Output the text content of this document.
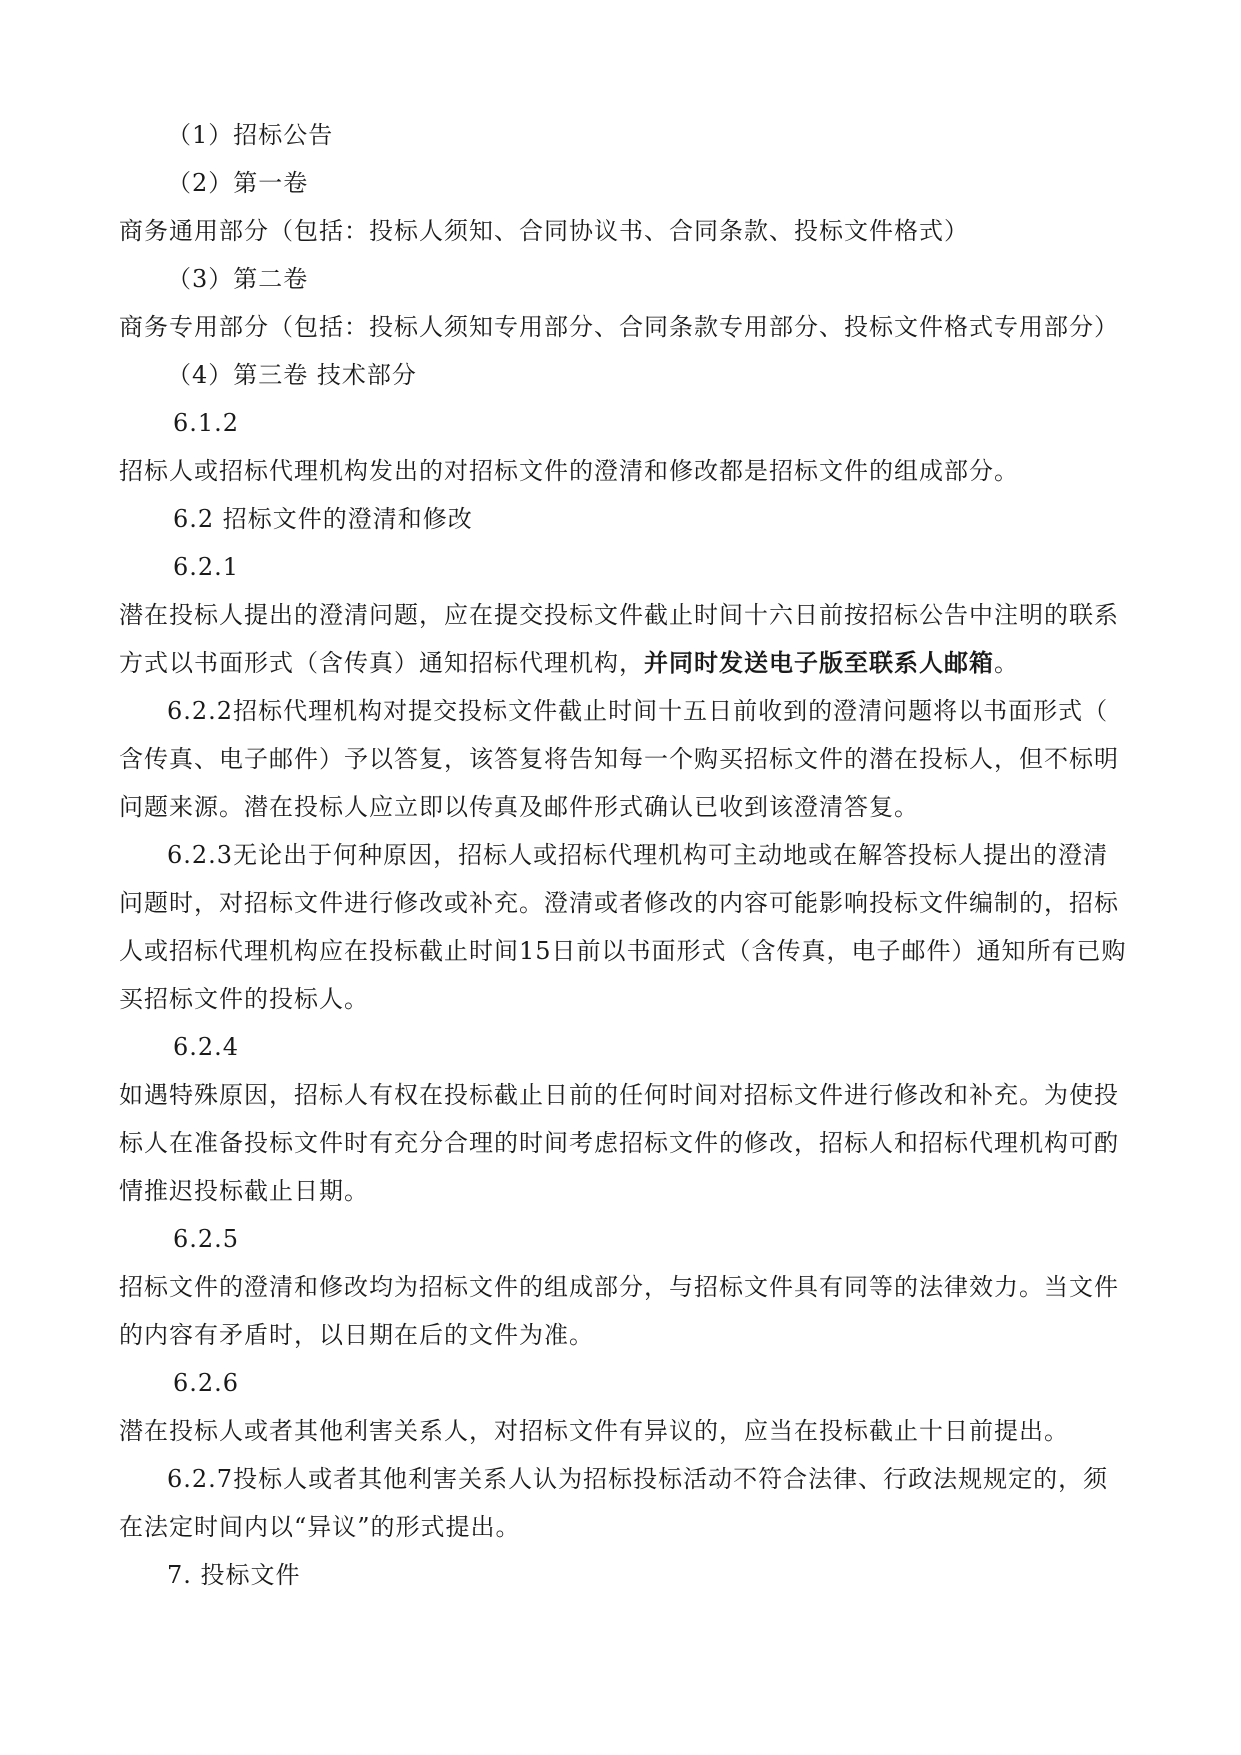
（1）招标公告
（2）第一卷
商务通用部分（包括：投标人须知、合同协议书、合同条款、投标文件格式）
（3）第二卷
商务专用部分（包括：投标人须知专用部分、合同条款专用部分、投标文件格式专用部分）
（4）第三卷 技术部分
6.1.2
招标人或招标代理机构发出的对招标文件的澄清和修改都是招标文件的组成部分。
6.2 招标文件的澄清和修改
6.2.1
潜在投标人提出的澄清问题，应在提交投标文件截止时间十六日前按招标公告中注明的联系
方式以书面形式（含传真）通知招标代理机构，并同时发送电子版至联系人邮箱。
6.2.2招标代理机构对提交投标文件截止时间十五日前收到的澄清问题将以书面形式（
含传真、电子邮件）予以答复，该答复将告知每一个购买招标文件的潜在投标人，但不标明
问题来源。潜在投标人应立即以传真及邮件形式确认已收到该澄清答复。
6.2.3无论出于何种原因，招标人或招标代理机构可主动地或在解答投标人提出的澄清
问题时，对招标文件进行修改或补充。澄清或者修改的内容可能影响投标文件编制的，招标
人或招标代理机构应在投标截止时间15日前以书面形式（含传真，电子邮件）通知所有已购
买招标文件的投标人。
6.2.4
如遇特殊原因，招标人有权在投标截止日前的任何时间对招标文件进行修改和补充。为使投
标人在准备投标文件时有充分合理的时间考虑招标文件的修改，招标人和招标代理机构可酌
情推迟投标截止日期。
6.2.5
招标文件的澄清和修改均为招标文件的组成部分，与招标文件具有同等的法律效力。当文件
的内容有矛盾时，以日期在后的文件为准。
6.2.6
潜在投标人或者其他利害关系人，对招标文件有异议的，应当在投标截止十日前提出。
6.2.7投标人或者其他利害关系人认为招标投标活动不符合法律、行政法规规定的，须
在法定时间内以“异议”的形式提出。
7. 投标文件
